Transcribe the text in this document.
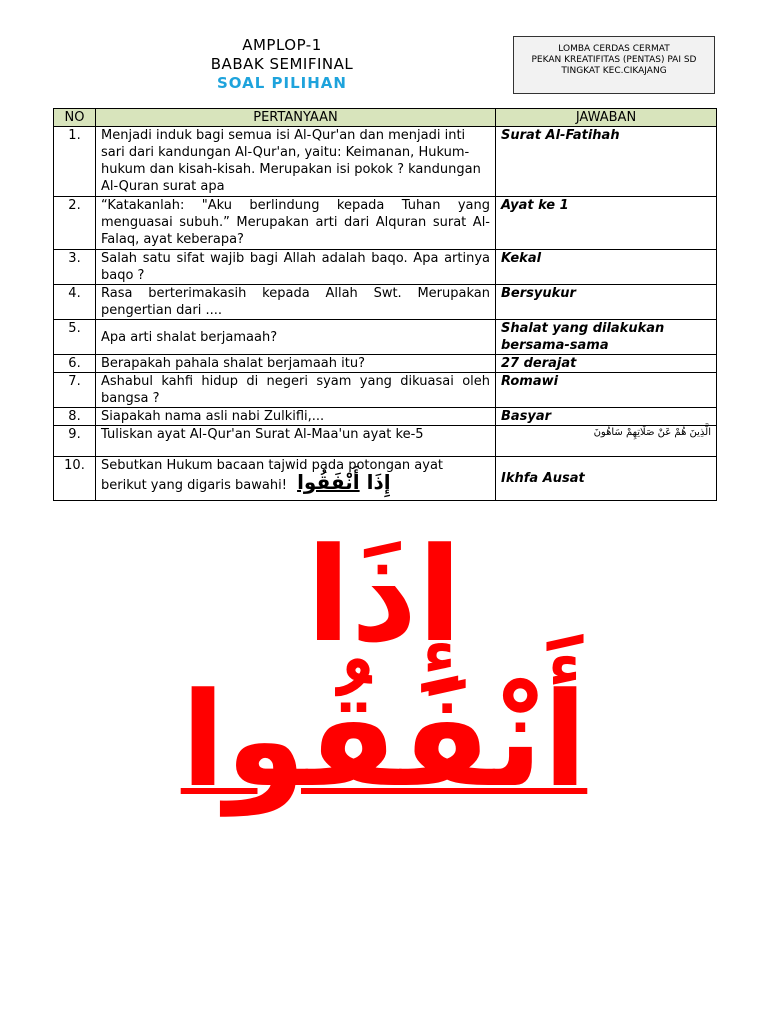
AMPLOP-1
BABAK SEMIFINAL
SOAL PILIHAN
LOMBA CERDAS CERMAT
PEKAN KREATIFITAS (PENTAS) PAI SD
TINGKAT KEC.CIKAJANG
NO	PERTANYAAN	JAWABAN
1.	Menjadi induk bagi semua isi Al-Qur'an dan menjadi inti sari dari kandungan Al-Qur'an, yaitu: Keimanan, Hukum-hukum dan kisah-kisah. Merupakan isi pokok ? kandungan Al-Quran surat apa	Surat Al-Fatihah
2.	“Katakanlah: "Aku berlindung kepada Tuhan yang menguasai subuh.” Merupakan arti dari Alquran surat Al-Falaq, ayat keberapa?	Ayat ke 1
3.	Salah satu sifat wajib bagi Allah adalah baqo. Apa artinya baqo ?	Kekal
4.	Rasa berterimakasih kepada Allah Swt. Merupakan pengertian dari ....	Bersyukur
5.	Apa arti shalat berjamaah?	Shalat yang dilakukan bersama-sama
6.	Berapakah pahala shalat berjamaah itu?	27 derajat
7.	Ashabul kahfi hidup di negeri syam yang dikuasai oleh bangsa ?	Romawi
8.	Siapakah nama asli nabi Zulkifli,...	Basyar
9.	Tuliskan ayat Al-Qur'an Surat Al-Maa'un ayat ke-5	الَّذِينَ هُمْ عَنْ صَلَاتِهِمْ سَاهُونَ
10.	Sebutkan Hukum bacaan tajwid pada potongan ayat berikut yang digaris bawahi! إِذَا أَنْفَقُوا	Ikhfa Ausat
إِذَا
أَنْفَقُوا
